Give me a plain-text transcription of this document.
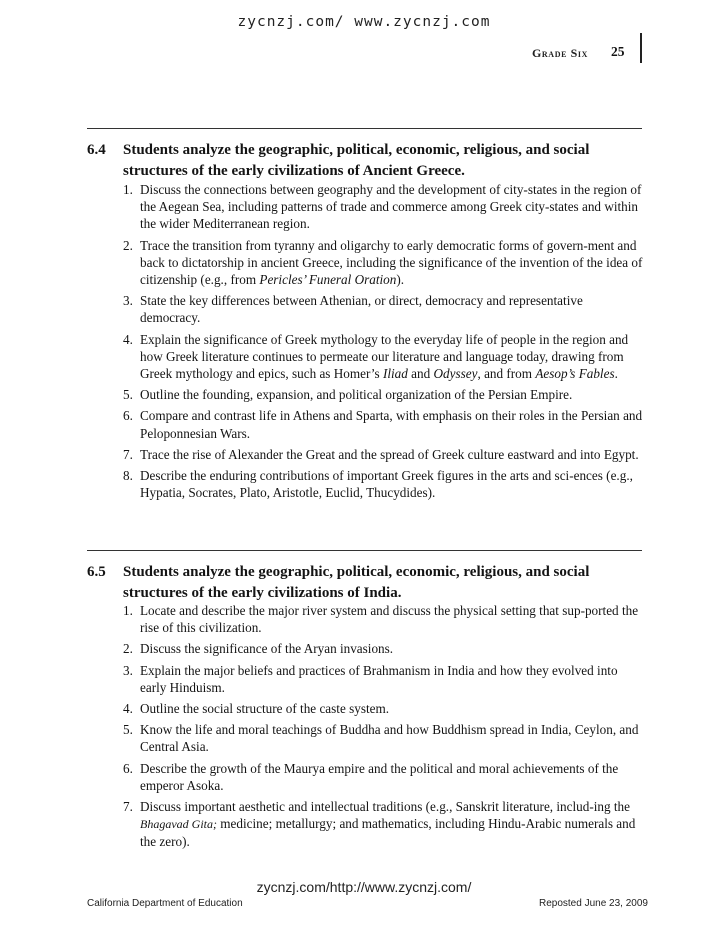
zycnzj.com/ www.zycnzj.com
Grade Six 25
6.4 Students analyze the geographic, political, economic, religious, and social structures of the early civilizations of Ancient Greece.
1. Discuss the connections between geography and the development of city-states in the region of the Aegean Sea, including patterns of trade and commerce among Greek city-states and within the wider Mediterranean region.
2. Trace the transition from tyranny and oligarchy to early democratic forms of govern-ment and back to dictatorship in ancient Greece, including the significance of the invention of the idea of citizenship (e.g., from Pericles’ Funeral Oration).
3. State the key differences between Athenian, or direct, democracy and representative democracy.
4. Explain the significance of Greek mythology to the everyday life of people in the region and how Greek literature continues to permeate our literature and language today, drawing from Greek mythology and epics, such as Homer’s Iliad and Odyssey, and from Aesop’s Fables.
5. Outline the founding, expansion, and political organization of the Persian Empire.
6. Compare and contrast life in Athens and Sparta, with emphasis on their roles in the Persian and Peloponnesian Wars.
7. Trace the rise of Alexander the Great and the spread of Greek culture eastward and into Egypt.
8. Describe the enduring contributions of important Greek figures in the arts and sci-ences (e.g., Hypatia, Socrates, Plato, Aristotle, Euclid, Thucydides).
6.5 Students analyze the geographic, political, economic, religious, and social structures of the early civilizations of India.
1. Locate and describe the major river system and discuss the physical setting that sup-ported the rise of this civilization.
2. Discuss the significance of the Aryan invasions.
3. Explain the major beliefs and practices of Brahmanism in India and how they evolved into early Hinduism.
4. Outline the social structure of the caste system.
5. Know the life and moral teachings of Buddha and how Buddhism spread in India, Ceylon, and Central Asia.
6. Describe the growth of the Maurya empire and the political and moral achievements of the emperor Asoka.
7. Discuss important aesthetic and intellectual traditions (e.g., Sanskrit literature, includ-ing the Bhagavad Gita; medicine; metallurgy; and mathematics, including Hindu-Arabic numerals and the zero).
zycnzj.com/http://www.zycnzj.com/
California Department of Education	Reposted June 23, 2009
